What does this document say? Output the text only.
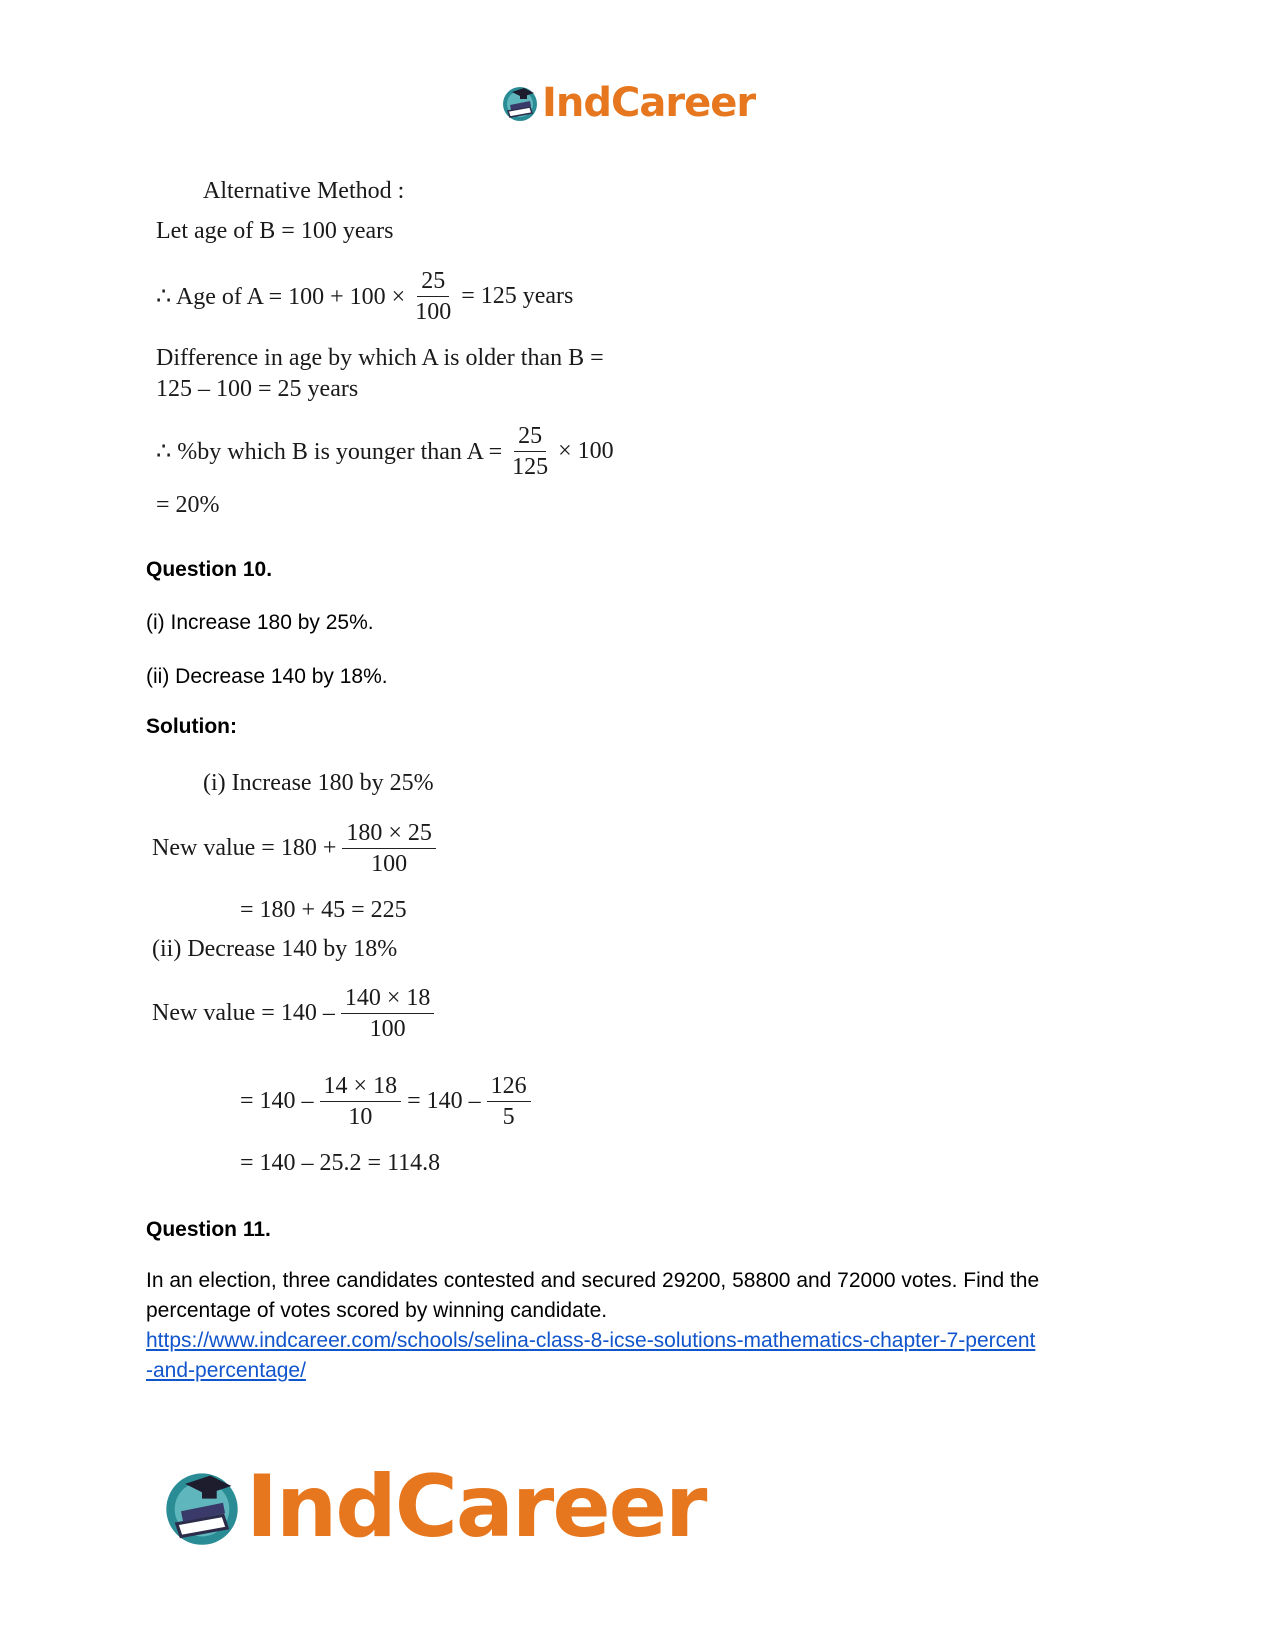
IndCareer
Alternative Method :
Let age of B = 100 years
∴ Age of $A = 100 + 100 \times \frac{25}{100} = 125$ years
Difference in age by which A is older than B =
125 – 100 = 25 years
∴ %by which B is younger than $A = \frac{25}{125} \times 100$
= 20%
Question 10.
(i) Increase 180 by 25%.
(ii) Decrease 140 by 18%.
Solution:
(i) Increase 180 by 25%
New value = $180 + \frac{180 \times 25}{100}$
= 180 + 45 = 225
(ii) Decrease 140 by 18%
New value = $140 - \frac{140 \times 18}{100}$
= $140 - \frac{14 \times 18}{10} = 140 - \frac{126}{5}$
= 140 – 25.2 = 114.8
Question 11.
In an election, three candidates contested and secured 29200, 58800 and 72000 votes. Find the
percentage of votes scored by winning candidate.
https://www.indcareer.com/schools/selina-class-8-icse-solutions-mathematics-chapter-7-percent
-and-percentage/
IndCareer
